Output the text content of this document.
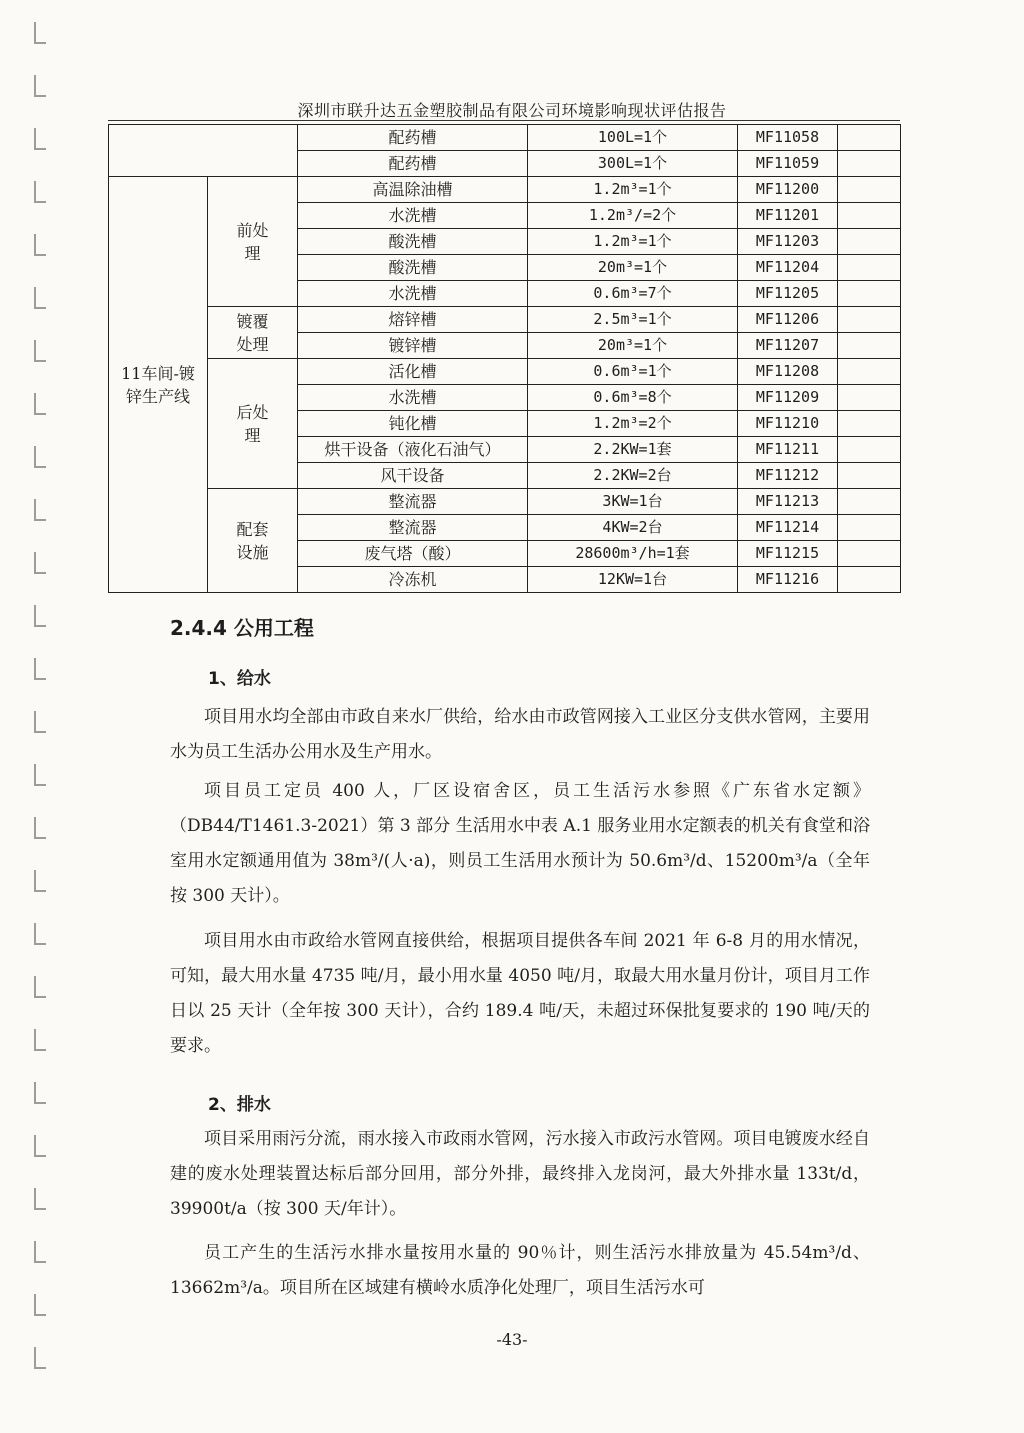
深圳市联升达五金塑胶制品有限公司环境影响现状评估报告
		配药槽	100L=1个	MF11058	
		配药槽	300L=1个	MF11059	
11车间-镀锌生产线	前处理	高温除油槽	1.2m³=1个	MF11200	
		水洗槽	1.2m³/=2个	MF11201	
		酸洗槽	1.2m³=1个	MF11203	
		酸洗槽	20m³=1个	MF11204	
		水洗槽	0.6m³=7个	MF11205	
	镀覆处理	熔锌槽	2.5m³=1个	MF11206	
		镀锌槽	20m³=1个	MF11207	
	后处理	活化槽	0.6m³=1个	MF11208	
		水洗槽	0.6m³=8个	MF11209	
		钝化槽	1.2m³=2个	MF11210	
		烘干设备（液化石油气）	2.2KW=1套	MF11211	
		风干设备	2.2KW=2台	MF11212	
	配套设施	整流器	3KW=1台	MF11213	
		整流器	4KW=2台	MF11214	
		废气塔（酸）	28600m³/h=1套	MF11215	
		冷冻机	12KW=1台	MF11216	
2.4.4 公用工程
1、给水
项目用水均全部由市政自来水厂供给，给水由市政管网接入工业区分支供水管网，主要用水为员工生活办公用水及生产用水。
项目员工定员 400 人，厂区设宿舍区，员工生活污水参照《广东省水定额》（DB44/T1461.3-2021）第 3 部分 生活用水中表 A.1 服务业用水定额表的机关有食堂和浴室用水定额通用值为 38m³/(人·a)，则员工生活用水预计为 50.6m³/d、15200m³/a（全年按 300 天计）。
项目用水由市政给水管网直接供给，根据项目提供各车间 2021 年 6-8 月的用水情况，可知，最大用水量 4735 吨/月，最小用水量 4050 吨/月，取最大用水量月份计，项目月工作日以 25 天计（全年按 300 天计），合约 189.4 吨/天，未超过环保批复要求的 190 吨/天的要求。
2、排水
项目采用雨污分流，雨水接入市政雨水管网，污水接入市政污水管网。项目电镀废水经自建的废水处理装置达标后部分回用，部分外排，最终排入龙岗河，最大外排水量 133t/d，39900t/a（按 300 天/年计）。
员工产生的生活污水排水量按用水量的 90％计，则生活污水排放量为 45.54m³/d、13662m³/a。项目所在区域建有横岭水质净化处理厂，项目生活污水可
-43-
